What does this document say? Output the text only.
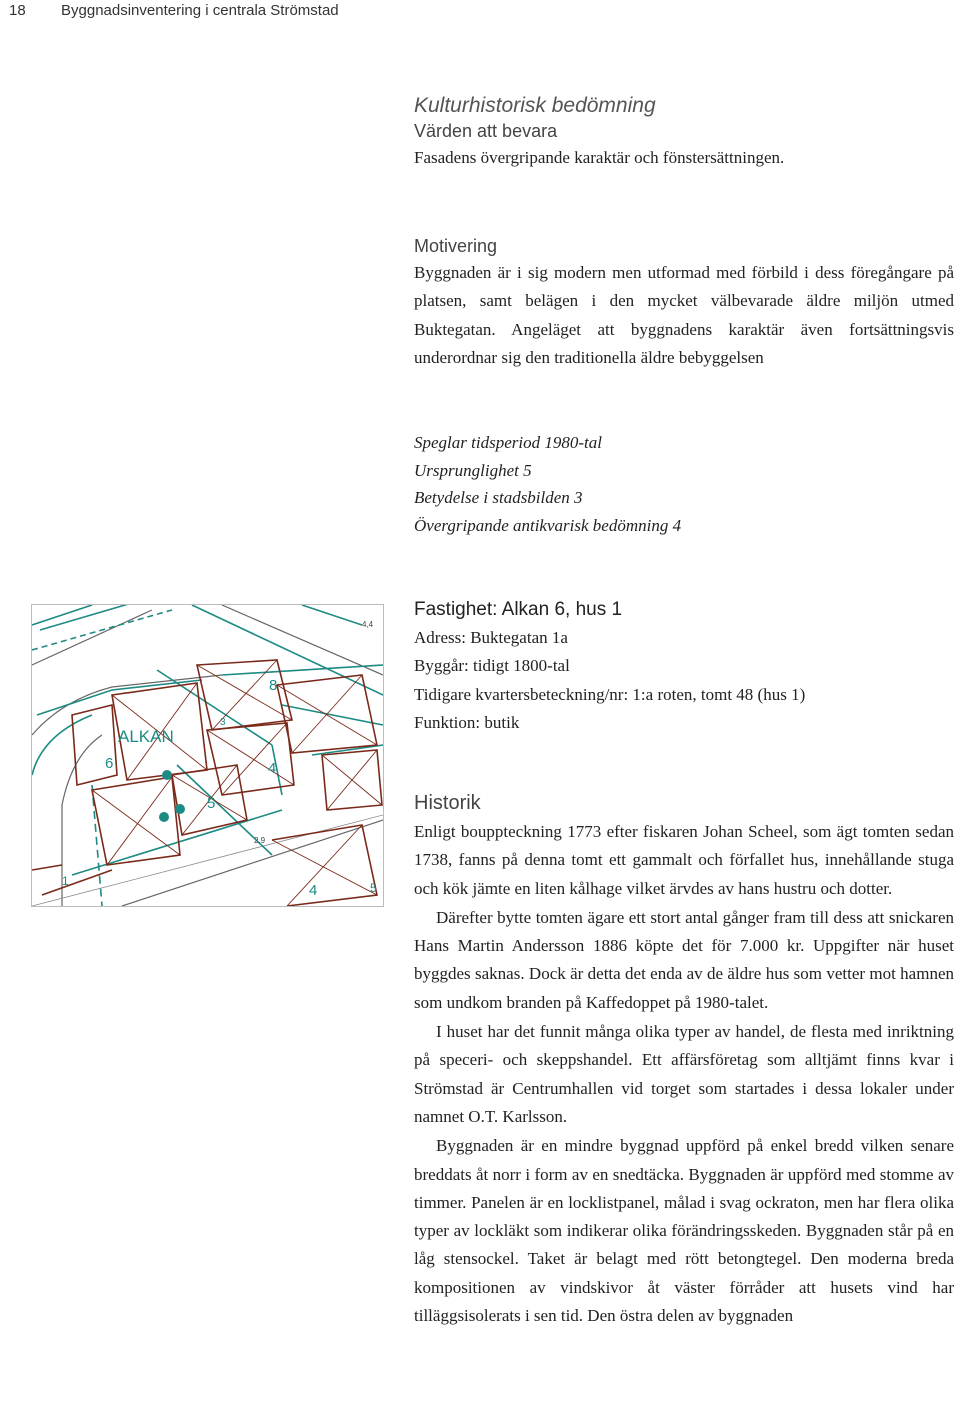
18 Byggnadsinventering i centrala Strömstad
Kulturhistorisk bedömning
Värden att bevara
Fasadens övergripande karaktär och fönstersättningen.
Motivering

Byggnaden är i sig modern men utformad med förbild i dess föregångare på platsen, samt belägen i den mycket välbevarade äldre miljön utmed Buktegatan. Angeläget att byggnadens karaktär även fortsättningsvis underordnar sig den traditionella äldre bebyggelsen

Speglar tidsperiod 1980-tal
Ursprunglighet 5
Betydelse i stadsbilden 3
Övergripande antikvarisk bedömning 4
ALKAN
6
8
5
4
4	5
3
4,4
2,9
1
Fastighet: Alkan 6, hus 1
Adress: Buktegatan 1a
Byggår: tidigt 1800-tal
Tidigare kvartersbeteckning/nr: 1:a roten, tomt 48 (hus 1)
Funktion: butik
Historik

Enligt bouppteckning 1773 efter fiskaren Johan Scheel, som ägt tomten sedan 1738, fanns på denna tomt ett gammalt och förfallet hus, innehållande stuga och kök jämte en liten kålhage vilket ärvdes av hans hustru och dotter.

Därefter bytte tomten ägare ett stort antal gånger fram till dess att snickaren Hans Martin Andersson 1886 köpte det för 7.000 kr. Uppgifter när huset byggdes saknas. Dock är detta det enda av de äldre hus som vetter mot hamnen som undkom branden på Kaffedoppet på 1980-talet.

I huset har det funnit många olika typer av handel, de flesta med inriktning på speceri- och skeppshandel. Ett affärsföretag som alltjämt finns kvar i Strömstad är Centrumhallen vid torget som startades i dessa lokaler under namnet O.T. Karlsson.

Byggnaden är en mindre byggnad uppförd på enkel bredd vilken senare breddats åt norr i form av en snedtäcka. Byggnaden är uppförd med stomme av timmer. Panelen är en locklistpanel, målad i svag ockraton, men har flera olika typer av lockläkt som indikerar olika förändringsskeden. Byggnaden står på en låg stensockel. Taket är belagt med rött betongtegel. Den moderna breda kompositionen av vindskivor åt väster förråder att husets vind har tilläggsisolerats i sen tid. Den östra delen av byggnaden
